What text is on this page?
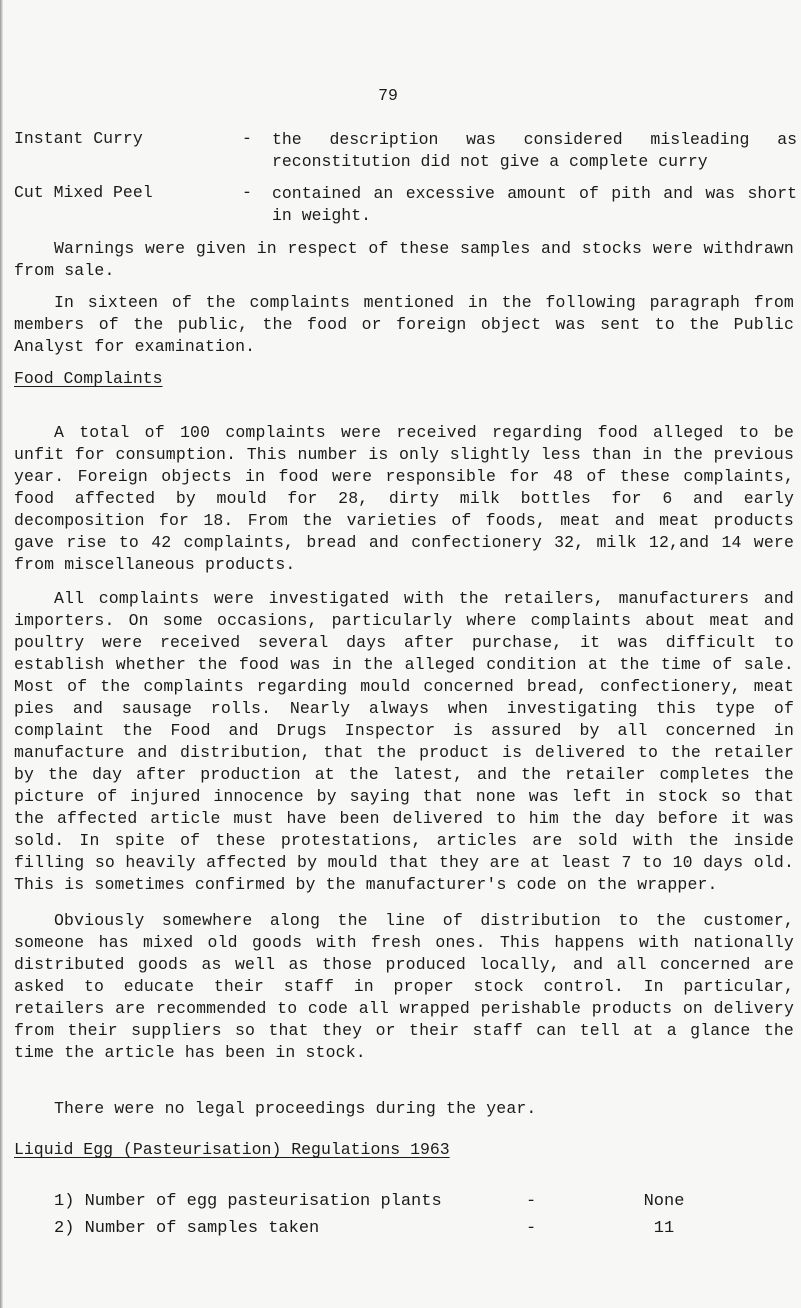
79
Instant Curry	- the description was considered misleading as reconstitution did not give a complete curry
Cut Mixed Peel	- contained an excessive amount of pith and was short in weight.

Warnings were given in respect of these samples and stocks were withdrawn from sale.

In sixteen of the complaints mentioned in the following paragraph from members of the public, the food or foreign object was sent to the Public Analyst for examination.

Food Complaints

A total of 100 complaints were received regarding food alleged to be unfit for consumption. This number is only slightly less than in the previous year. Foreign objects in food were responsible for 48 of these complaints, food affected by mould for 28, dirty milk bottles for 6 and early decomposition for 18. From the varieties of foods, meat and meat products gave rise to 42 complaints, bread and confectionery 32, milk 12,and 14 were from miscellaneous products.

All complaints were investigated with the retailers, manufacturers and importers. On some occasions, particularly where complaints about meat and poultry were received several days after purchase, it was difficult to establish whether the food was in the alleged condition at the time of sale. Most of the complaints regarding mould concerned bread, confectionery, meat pies and sausage rolls. Nearly always when investigating this type of complaint the Food and Drugs Inspector is assured by all concerned in manufacture and distribution, that the product is delivered to the retailer by the day after production at the latest, and the retailer completes the picture of injured innocence by saying that none was left in stock so that the affected article must have been delivered to him the day before it was sold. In spite of these protestations, articles are sold with the inside filling so heavily affected by mould that they are at least 7 to 10 days old. This is sometimes confirmed by the manufacturer's code on the wrapper.

Obviously somewhere along the line of distribution to the customer, someone has mixed old goods with fresh ones. This happens with nationally distributed goods as well as those produced locally, and all concerned are asked to educate their staff in proper stock control. In particular, retailers are recommended to code all wrapped perishable products on delivery from their suppliers so that they or their staff can tell at a glance the time the article has been in stock.

There were no legal proceedings during the year.

Liquid Egg (Pasteurisation) Regulations 1963
1) Number of egg pasteurisation plants	-	None
2) Number of samples taken	-	11
